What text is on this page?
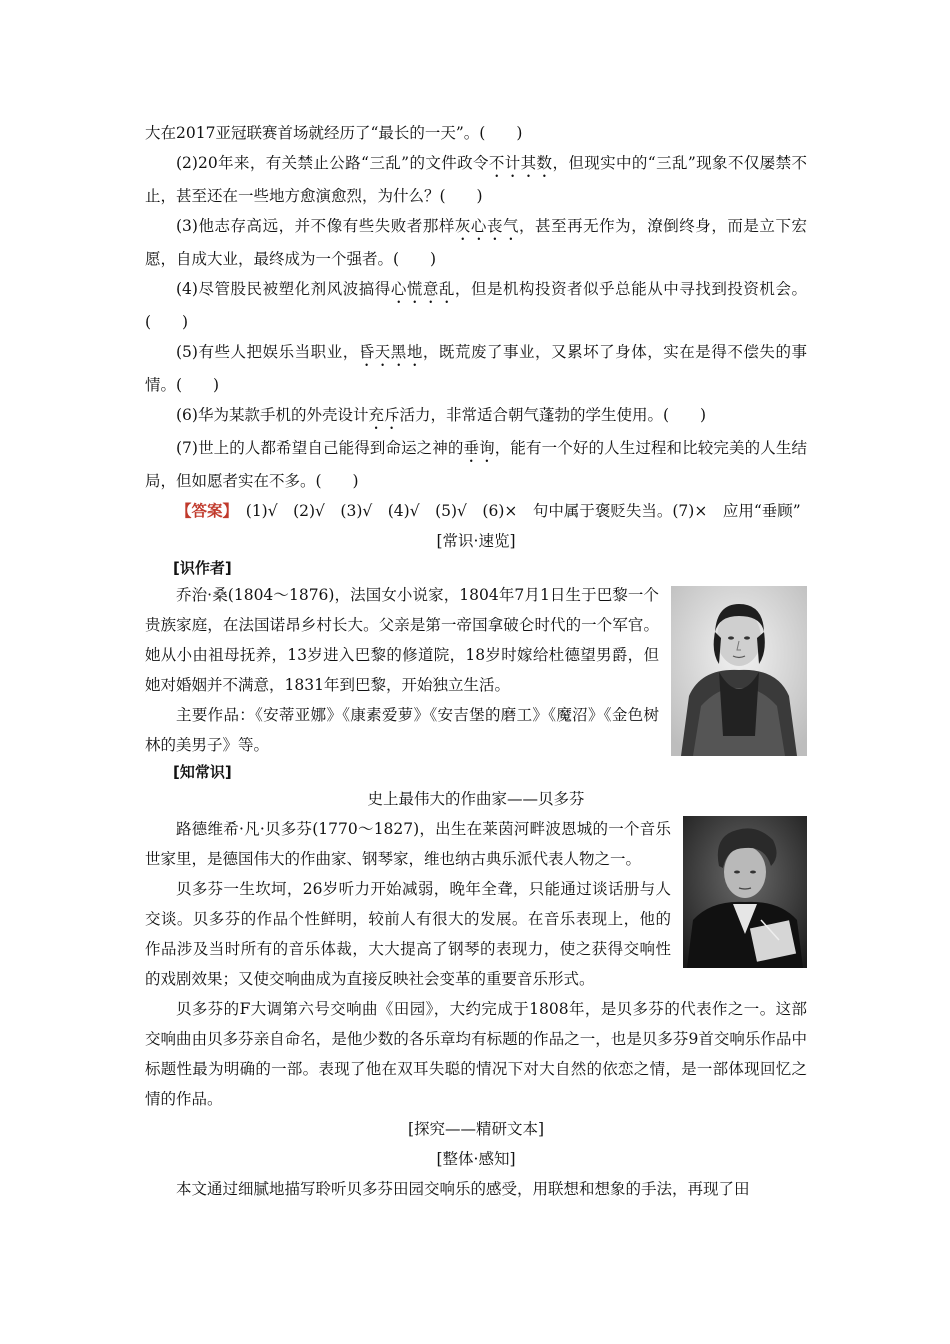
大在2017亚冠联赛首场就经历了“最长的一天”。(　　)

(2)20年来，有关禁止公路“三乱”的文件政令不计其数，但现实中的“三乱”现象不仅屡禁不止，甚至还在一些地方愈演愈烈，为什么？(　　)

(3)他志存高远，并不像有些失败者那样灰心丧气，甚至再无作为，潦倒终身，而是立下宏愿，自成大业，最终成为一个强者。(　　)

(4)尽管股民被塑化剂风波搞得心慌意乱，但是机构投资者似乎总能从中寻找到投资机会。(　　)

(5)有些人把娱乐当职业，昏天黑地，既荒废了事业，又累坏了身体，实在是得不偿失的事情。(　　)

(6)华为某款手机的外壳设计充斥活力，非常适合朝气蓬勃的学生使用。(　　)

(7)世上的人都希望自己能得到命运之神的垂询，能有一个好的人生过程和比较完美的人生结局，但如愿者实在不多。(　　)

【答案】　(1)√　(2)√　(3)√　(4)√　(5)√　(6)×　句中属于褒贬失当。(7)×　应用“垂顾”

[常识·速览]

[ 识作者 ]

乔治·桑(1804～1876)，法国女小说家，1804年7月1日生于巴黎一个贵族家庭，在法国诺昂乡村长大。父亲是第一帝国拿破仑时代的一个军官。她从小由祖母抚养，13岁进入巴黎的修道院，18岁时嫁给杜德望男爵，但她对婚姻并不满意，1831年到巴黎，开始独立生活。

主要作品：《安蒂亚娜》《康素爱萝》《安吉堡的磨工》《魔沼》《金色树林的美男子》等。

[ 知常识 ]

史上最伟大的作曲家——贝多芬

路德维希·凡·贝多芬(1770～1827)，出生在莱茵河畔波恩城的一个音乐世家里，是德国伟大的作曲家、钢琴家，维也纳古典乐派代表人物之一。

贝多芬一生坎坷，26岁听力开始减弱，晚年全聋，只能通过谈话册与人交谈。贝多芬的作品个性鲜明，较前人有很大的发展。在音乐表现上，他的作品涉及当时所有的音乐体裁，大大提高了钢琴的表现力，使之获得交响性的戏剧效果；又使交响曲成为直接反映社会变革的重要音乐形式。

贝多芬的F大调第六号交响曲《田园》，大约完成于1808年，是贝多芬的代表作之一。这部交响曲由贝多芬亲自命名，是他少数的各乐章均有标题的作品之一，也是贝多芬9首交响乐作品中标题性最为明确的一部。表现了他在双耳失聪的情况下对大自然的依恋之情，是一部体现回忆之情的作品。

[探究——精研文本]

[整体·感知]

本文通过细腻地描写聆听贝多芬田园交响乐的感受，用联想和想象的手法，再现了田
